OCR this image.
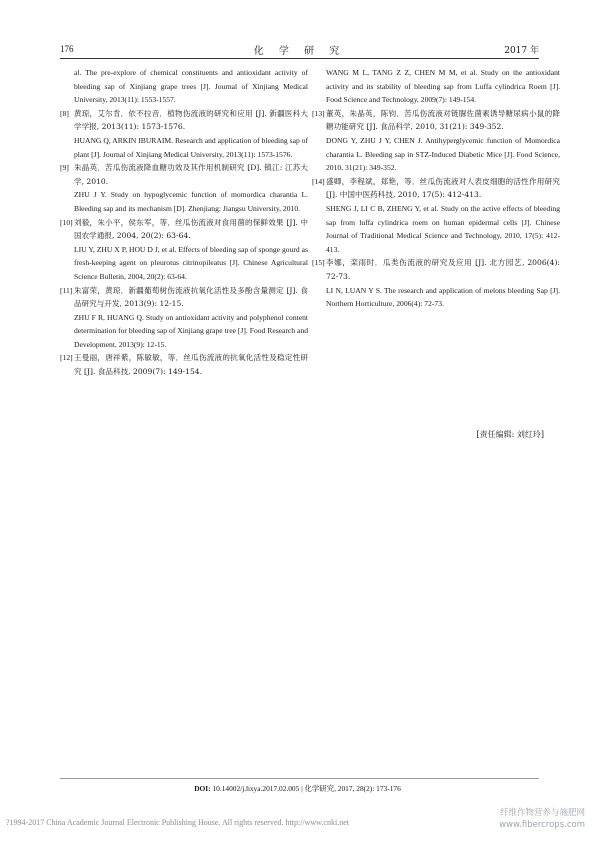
176	化 学 研 究	2017 年
al. The pre-explore of chemical constituents and antioxidant activity of bleeding sap of Xinjiang grape trees [J]. Journal of Xinjiang Medical University, 2013(11): 1553-1557.
[8] 黄琼，艾尔肯．依不拉音．植物伤流液的研究和应用 [J]. 新疆医科大学学报, 2013(11): 1573-1576.
HUANG Q, ARKIN IBURAIM. Research and application of bleeding sap of plant [J]. Journal of Xinjiang Medical University, 2013(11): 1573-1576.
[9] 朱晶英．苦瓜伤流液降血糖功效及其作用机制研究 [D]. 镇江: 江苏大学, 2010.
ZHU J Y. Study on hypoglycemic function of momordica charantia L. Bleeding sap and its mechanism [D]. Zhenjiang: Jiangsu University, 2010.
[10] 刘毅，朱小平，侯东军，等．丝瓜伤流液对食用菌的保鲜效果 [J]. 中国农学通报, 2004, 20(2): 63-64.
LIU Y, ZHU X P, HOU D J, et al. Effects of bleeding sap of sponge gourd as fresh-keeping agent on pleurotus citrinopileatus [J]. Chinese Agricultural Science Bulletin, 2004, 20(2): 63-64.
[11] 朱富荣，黄琼．新疆葡萄树伤流液抗氧化活性及多酚含量测定 [J]. 食品研究与开发, 2013(9): 12-15.
ZHU F R, HUANG Q. Study on antioxidant activity and polyphenol content determination for bleeding sap of Xinjiang grape tree [J]. Food Research and Development, 2013(9): 12-15.
[12] 王曼丽，唐祥紫，陈敏敏，等．丝瓜伤流液的抗氧化活性及稳定性研究 [J]. 食品科技, 2009(7): 149-154.
WANG M L, TANG Z Z, CHEN M M, et al. Study on the antioxidant activity and its stability of bleeding sap from Luffa cylindrica Roem [J]. Food Science and Technology, 2009(7): 149-154.
[13] 董英，朱晶英，陈钧．苦瓜伤流液对链脲佐菌素诱导糖尿病小鼠的降糖功能研究 [J]. 食品科学, 2010, 31(21): 349-352.
DONG Y, ZHU J Y, CHEN J. Antihyperglycemic function of Momordica charantia L. Bleeding sap in STZ-Induced Diabetic Mice [J]. Food Science, 2010, 31(21): 349-352.
[14] 盛卿，李程斌，郑艳，等．丝瓜伤流液对人表皮细胞的活性作用研究 [J]. 中国中医药科技, 2010, 17(5): 412-413.
SHENG J, LI C B, ZHENG Y, et al. Study on the active effects of bleeding sap from luffa cylindrica roem on human epidermal cells [J]. Chinese Journal of Traditional Medical Science and Technology, 2010, 17(5): 412-413.
[15] 李娜，栾雨时．瓜类伤流液的研究及应用 [J]. 北方园艺, 2006(4): 72-73.
LI N, LUAN Y S. The research and application of melons bleeding Sap [J]. Northern Horticulture, 2006(4): 72-73.
[责任编辑: 刘红玲]
DOI: 10.14002/j.hxya.2017.02.005 | 化学研究, 2017, 28(2): 173-176
?1994-2017 China Academic Journal Electronic Publishing House. All rights reserved. http://www.cnki.net
纤维作物营养与施肥网
www.fibercrops.com
